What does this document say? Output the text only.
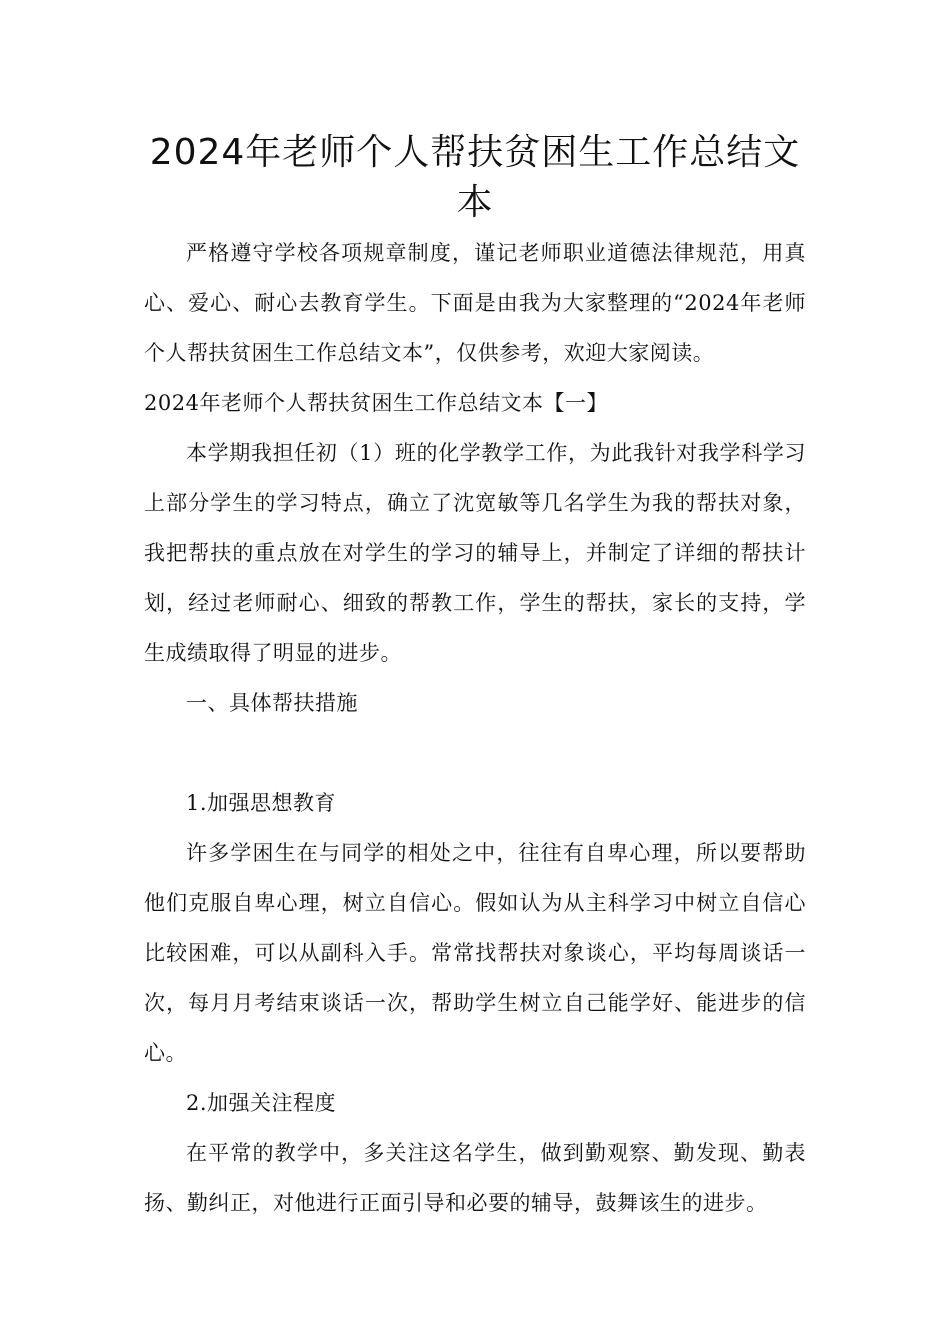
2024年老师个人帮扶贫困生工作总结文本

严格遵守学校各项规章制度，谨记老师职业道德法律规范，用真心、爱心、耐心去教育学生。下面是由我为大家整理的“2024年老师个人帮扶贫困生工作总结文本”，仅供参考，欢迎大家阅读。

2024年老师个人帮扶贫困生工作总结文本【一】

本学期我担任初（1）班的化学教学工作，为此我针对我学科学习上部分学生的学习特点，确立了沈宽敏等几名学生为我的帮扶对象，我把帮扶的重点放在对学生的学习的辅导上，并制定了详细的帮扶计划，经过老师耐心、细致的帮教工作，学生的帮扶，家长的支持，学生成绩取得了明显的进步。

一、具体帮扶措施

1.加强思想教育

许多学困生在与同学的相处之中，往往有自卑心理，所以要帮助他们克服自卑心理，树立自信心。假如认为从主科学习中树立自信心比较困难，可以从副科入手。常常找帮扶对象谈心，平均每周谈话一次，每月月考结束谈话一次，帮助学生树立自己能学好、能进步的信心。

2.加强关注程度

在平常的教学中，多关注这名学生，做到勤观察、勤发现、勤表扬、勤纠正，对他进行正面引导和必要的辅导，鼓舞该生的进步。
